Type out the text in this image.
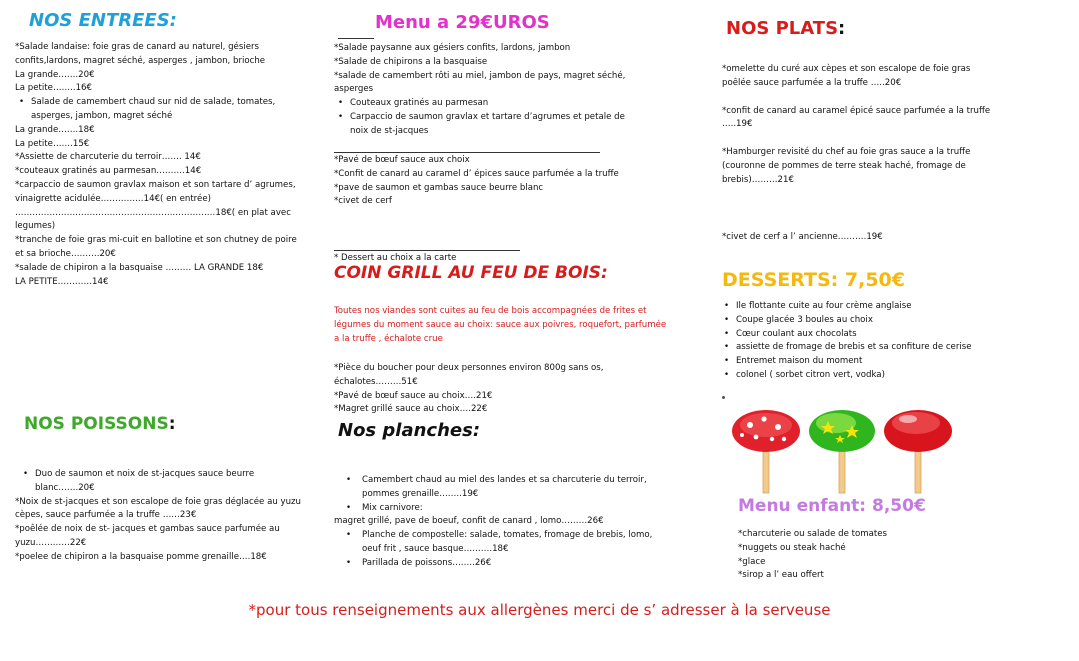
NOS ENTREES:

*Salade landaise: foie gras de canard au naturel, gésiers confits,lardons, magret séché, asperges , jambon, brioche

La grande…….20€

La petite……..16€

• Salade de camembert chaud sur nid de salade, tomates, asperges, jambon, magret séché

La grande…….18€

La petite…….15€

*Assiette de charcuterie du terroir……. 14€

*couteaux gratinés au parmesan……….14€

*carpaccio de saumon gravlax maison et son tartare d’ agrumes, vinaigrette acidulée……………14€( en entrée)

……………………………………………….……………18€( en plat avec legumes)

*tranche de foie gras mi-cuit en ballotine et son chutney de poire et sa brioche……….20€

*salade de chipiron a la basquaise ……… LA GRANDE 18€

LA PETITE…………14€

NOS POISSONS:
• Duo de saumon et noix de st-jacques sauce beurre blanc…….20€

*Noix de st-jacques et son escalope de foie gras déglacée au yuzu cèpes, sauce parfumée a la truffe ……23€

*poêlée de noix de st- jacques et gambas sauce parfumée au yuzu…………22€

*poelee de chipiron a la basquaise pomme grenaille….18€

Menu a 29€UROS

*Salade paysanne aux gésiers confits, lardons, jambon

*Salade de chipirons a la basquaise

*salade de camembert rôti au miel, jambon de pays, magret séché, asperges

• Couteaux gratinés au parmesan
• Carpaccio de saumon gravlax et tartare d’agrumes et petale de noix de st-jacques

*Pavé de bœuf sauce aux choix

*Confit de canard au caramel d’ épices sauce parfumée a la truffe

*pave de saumon et gambas sauce beurre blanc

*civet de cerf

* Dessert au choix a la carte
COIN GRILL AU FEU DE BOIS:
Toutes nos viandes sont cuites au feu de bois accompagnées de frites et légumes du moment sauce au choix: sauce aux poivres, roquefort, parfumée a la truffe , échalote crue

*Pièce du boucher pour deux personnes environ 800g sans os, échalotes………51€

*Pavé de bœuf sauce au choix….21€

*Magret grillé sauce au choix….22€

Nos planches:
• Camembert chaud au miel des landes et sa charcuterie du terroir, pommes grenaille……..19€
• Mix carnivore:

magret grillé, pave de boeuf, confit de canard , lomo………26€

• Planche de compostelle: salade, tomates, fromage de brebis, lomo, oeuf frit , sauce basque……….18€
• Parillada de poissons……..26€
NOS PLATS:

*omelette du curé aux cèpes et son escalope de foie gras poêlée sauce parfumée a la truffe …..20€

*confit de canard au caramel épicé sauce parfumée a la truffe …..19€

*Hamburger revisité du chef au foie gras sauce a la truffe (couronne de pommes de terre steak haché, fromage de brebis)………21€

*civet de cerf a l’ ancienne……….19€
DESSERTS: 7,50€
• Ile flottante cuite au four crème anglaise
• Coupe glacée 3 boules au choix
• Cœur coulant aux chocolats
• assiette de fromage de brebis et sa confiture de cerise
• Entremet maison du moment
• colonel ( sorbet citron vert, vodka)
Menu enfant: 8,50€

*charcuterie ou salade de tomates

*nuggets ou steak haché

*glace

*sirop a l’ eau offert

*pour tous renseignements aux allergènes merci de s’ adresser à la serveuse
